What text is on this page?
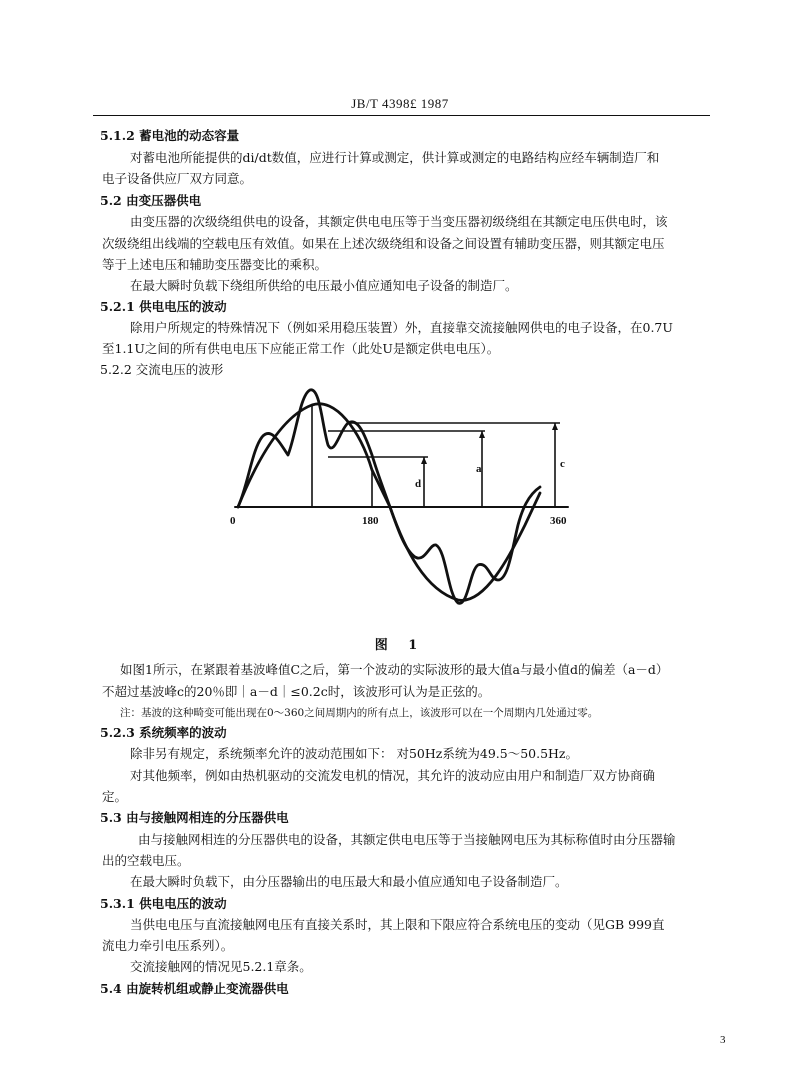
JB/T 4398£ 1987
5.1.2 蓄电池的动态容量
对蓄电池所能提供的di/dt数值，应进行计算或测定，供计算或测定的电路结构应经车辆制造厂和
电子设备供应厂双方同意。
5.2 由变压器供电
由变压器的次级绕组供电的设备，其额定供电电压等于当变压器初级绕组在其额定电压供电时，该
次级绕组出线端的空载电压有效值。如果在上述次级绕组和设备之间设置有辅助变压器，则其额定电压
等于上述电压和辅助变压器变比的乘积。
在最大瞬时负载下绕组所供给的电压最小值应通知电子设备的制造厂。
5.2.1 供电电压的波动
除用户所规定的特殊情况下（例如采用稳压装置）外，直接靠交流接触网供电的电子设备，在0.7U
至1.1U之间的所有供电电压下应能正常工作（此处U是额定供电电压）。
5.2.2 交流电压的波形
如图1所示，在紧跟着基波峰值C之后，第一个波动的实际波形的最大值a与最小值d的偏差（a－d）
不超过基波峰c的20％即｜a－d｜≤0.2c时，该波形可认为是正弦的。
注：基波的这种畸变可能出现在0～360之间周期内的所有点上，该波形可以在一个周期内几处通过零。
5.2.3 系统频率的波动
除非另有规定，系统频率允许的波动范围如下： 对50Hz系统为49.5～50.5Hz。
对其他频率，例如由热机驱动的交流发电机的情况，其允许的波动应由用户和制造厂双方协商确
定。
5.3 由与接触网相连的分压器供电
由与接触网相连的分压器供电的设备，其额定供电电压等于当接触网电压为其标称值时由分压器输
出的空载电压。
在最大瞬时负载下，由分压器输出的电压最大和最小值应通知电子设备制造厂。
5.3.1 供电电压的波动
当供电电压与直流接触网电压有直接关系时，其上限和下限应符合系统电压的变动（见GB 999直
流电力牵引电压系列）。
交流接触网的情况见5.2.1章条。
5.4 由旋转机组或静止变流器供电
0	180	360
d
a	c
图 1
3
